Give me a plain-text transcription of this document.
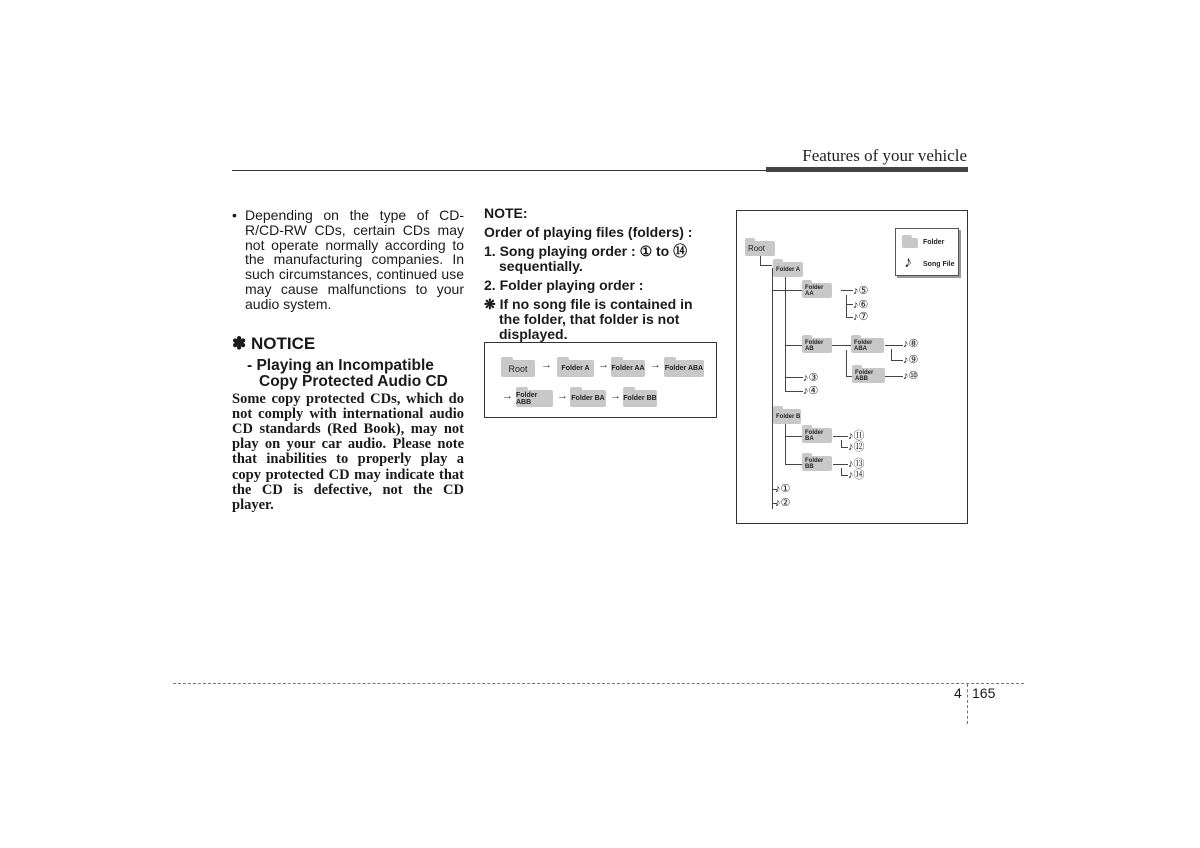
Features of your vehicle
• Depending on the type of CD-R/CD-RW CDs, certain CDs may not operate normally according to the manufacturing companies. In such circumstances, continued use may cause malfunctions to your audio system.
✽ NOTICE
- Playing an Incompatible Copy Protected Audio CD
Some copy protected CDs, which do not comply with international audio CD standards (Red Book), may not play on your car audio. Please note that inabilities to properly play a copy protected CD may indicate that the CD is defective, not the CD player.

NOTE:

Order of playing files (folders) :

1. Song playing order : ① to ⑭ sequentially.

2. Folder playing order :

❋ If no song file is contained in the folder, that folder is not displayed.

Root	→	Folder A → Folder AA → Folder ABA
→ Folder ABB	→ Folder BA → Folder BB
Folder
♪ Song File
Root
Folder A
Folder AA
Folder AB
Folder ABA
Folder ABB
Folder B
Folder BA
Folder BB
♪⑤
♪⑥
♪⑦
♪⑧
♪⑨
♪⑩
♪③
♪④
♪⑪
♪⑫
♪⑬
♪⑭
♪①
♪②
4 165
